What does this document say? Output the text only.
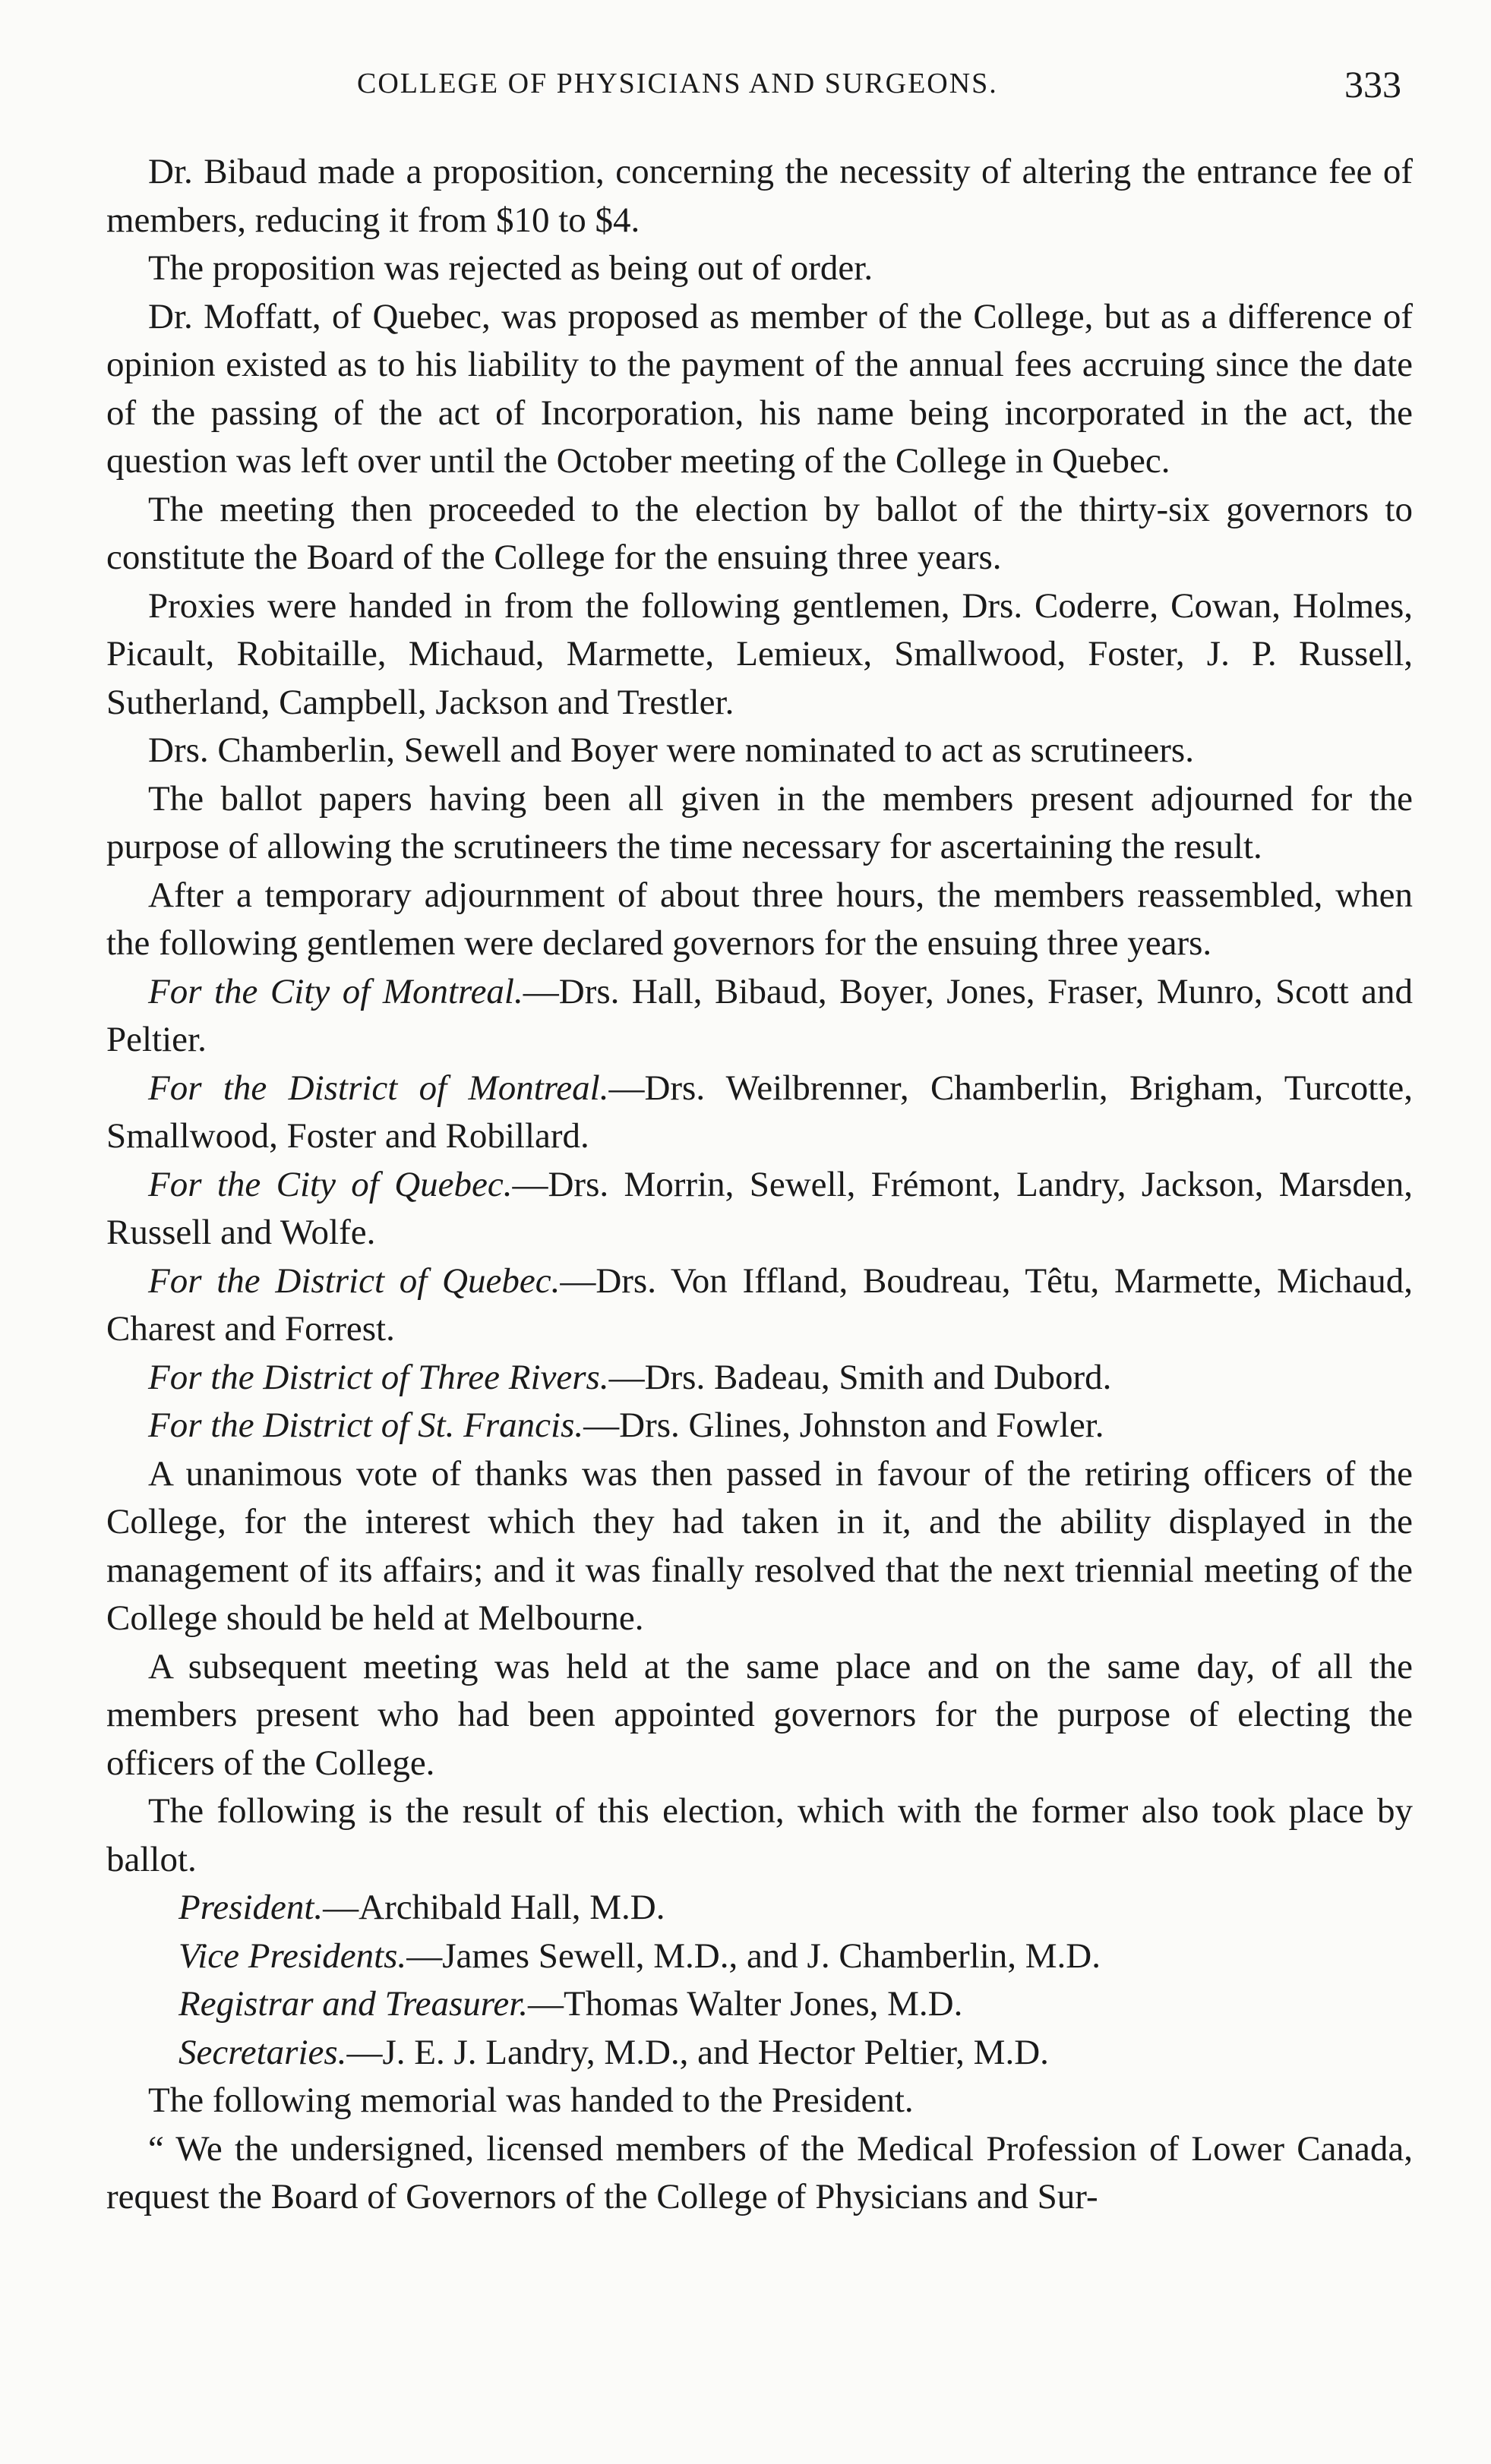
COLLEGE OF PHYSICIANS AND SURGEONS.	333

Dr. Bibaud made a proposition, concerning the necessity of altering the entrance fee of members, reducing it from $10 to $4.

The proposition was rejected as being out of order.

Dr. Moffatt, of Quebec, was proposed as member of the College, but as a difference of opinion existed as to his liability to the payment of the annual fees accruing since the date of the passing of the act of Incorporation, his name being incorporated in the act, the question was left over until the October meeting of the College in Quebec.

The meeting then proceeded to the election by ballot of the thirty-six governors to constitute the Board of the College for the ensuing three years.

Proxies were handed in from the following gentlemen, Drs. Coderre, Cowan, Holmes, Picault, Robitaille, Michaud, Marmette, Lemieux, Smallwood, Foster, J. P. Russell, Sutherland, Campbell, Jackson and Trestler.

Drs. Chamberlin, Sewell and Boyer were nominated to act as scrutineers.

The ballot papers having been all given in the members present adjourned for the purpose of allowing the scrutineers the time necessary for ascertaining the result.

After a temporary adjournment of about three hours, the members reassembled, when the following gentlemen were declared governors for the ensuing three years.

For the City of Montreal.—Drs. Hall, Bibaud, Boyer, Jones, Fraser, Munro, Scott and Peltier.

For the District of Montreal.—Drs. Weilbrenner, Chamberlin, Brigham, Turcotte, Smallwood, Foster and Robillard.

For the City of Quebec.—Drs. Morrin, Sewell, Frémont, Landry, Jackson, Marsden, Russell and Wolfe.

For the District of Quebec.—Drs. Von Iffland, Boudreau, Têtu, Marmette, Michaud, Charest and Forrest.

For the District of Three Rivers.—Drs. Badeau, Smith and Dubord.

For the District of St. Francis.—Drs. Glines, Johnston and Fowler.

A unanimous vote of thanks was then passed in favour of the retiring officers of the College, for the interest which they had taken in it, and the ability displayed in the management of its affairs; and it was finally resolved that the next triennial meeting of the College should be held at Melbourne.

A subsequent meeting was held at the same place and on the same day, of all the members present who had been appointed governors for the purpose of electing the officers of the College.

The following is the result of this election, which with the former also took place by ballot.

President.—Archibald Hall, M.D.

Vice Presidents.—James Sewell, M.D., and J. Chamberlin, M.D.

Registrar and Treasurer.—Thomas Walter Jones, M.D.

Secretaries.—J. E. J. Landry, M.D., and Hector Peltier, M.D.

The following memorial was handed to the President.

“ We the undersigned, licensed members of the Medical Profession of Lower Canada, request the Board of Governors of the College of Physicians and Sur-
